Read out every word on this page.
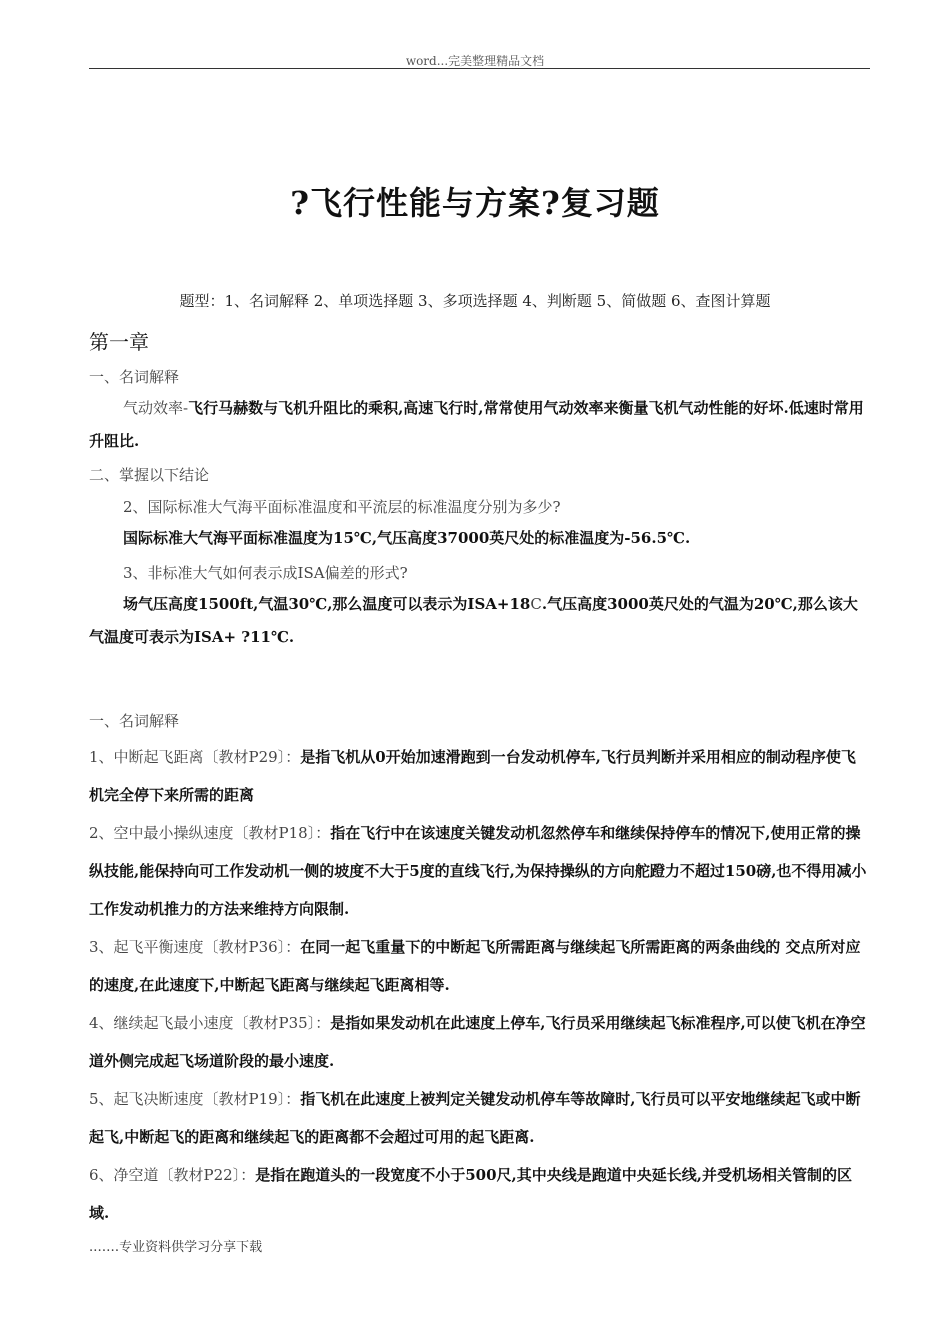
word...完美整理精品文档
?飞行性能与方案?复习题
题型：1、名词解释 2、单项选择题 3、多项选择题 4、判断题 5、简做题 6、查图计算题
第一章
一、名词解释
气动效率-飞行马赫数与飞机升阻比的乘积,高速飞行时,常常使用气动效率来衡量飞机气动性能的好坏.低速时常用升阻比.
二、掌握以下结论
2、国际标准大气海平面标准温度和平流层的标准温度分别为多少?
国际标准大气海平面标准温度为15℃,气压高度37000英尺处的标准温度为-56.5℃.
3、非标准大气如何表示成ISA偏差的形式?
场气压高度1500ft,气温30℃,那么温度可以表示为ISA+18C.气压高度3000英尺处的气温为20℃,那么该大气温度可表示为ISA+ ?11℃.
一、名词解释
1、中断起飞距离〔教材P29〕：是指飞机从0开始加速滑跑到一台发动机停车,飞行员判断并采用相应的制动程序使飞机完全停下来所需的距离
2、空中最小操纵速度〔教材P18〕：指在飞行中在该速度关键发动机忽然停车和继续保持停车的情况下,使用正常的操纵技能,能保持向可工作发动机一侧的坡度不大于5度的直线飞行,为保持操纵的方向舵蹬力不超过150磅,也不得用减小工作发动机推力的方法来维持方向限制.
3、起飞平衡速度〔教材P36〕：在同一起飞重量下的中断起飞所需距离与继续起飞所需距离的两条曲线的 交点所对应的速度,在此速度下,中断起飞距离与继续起飞距离相等.
4、继续起飞最小速度〔教材P35〕：是指如果发动机在此速度上停车,飞行员采用继续起飞标准程序,可以使飞机在净空道外侧完成起飞场道阶段的最小速度.
5、起飞决断速度〔教材P19〕：指飞机在此速度上被判定关键发动机停车等故障时,飞行员可以平安地继续起飞或中断起飞,中断起飞的距离和继续起飞的距离都不会超过可用的起飞距离.
6、净空道〔教材P22〕：是指在跑道头的一段宽度不小于500尺,其中央线是跑道中央延长线,并受机场相关管制的区域.
.……专业资料供学习分享下载
